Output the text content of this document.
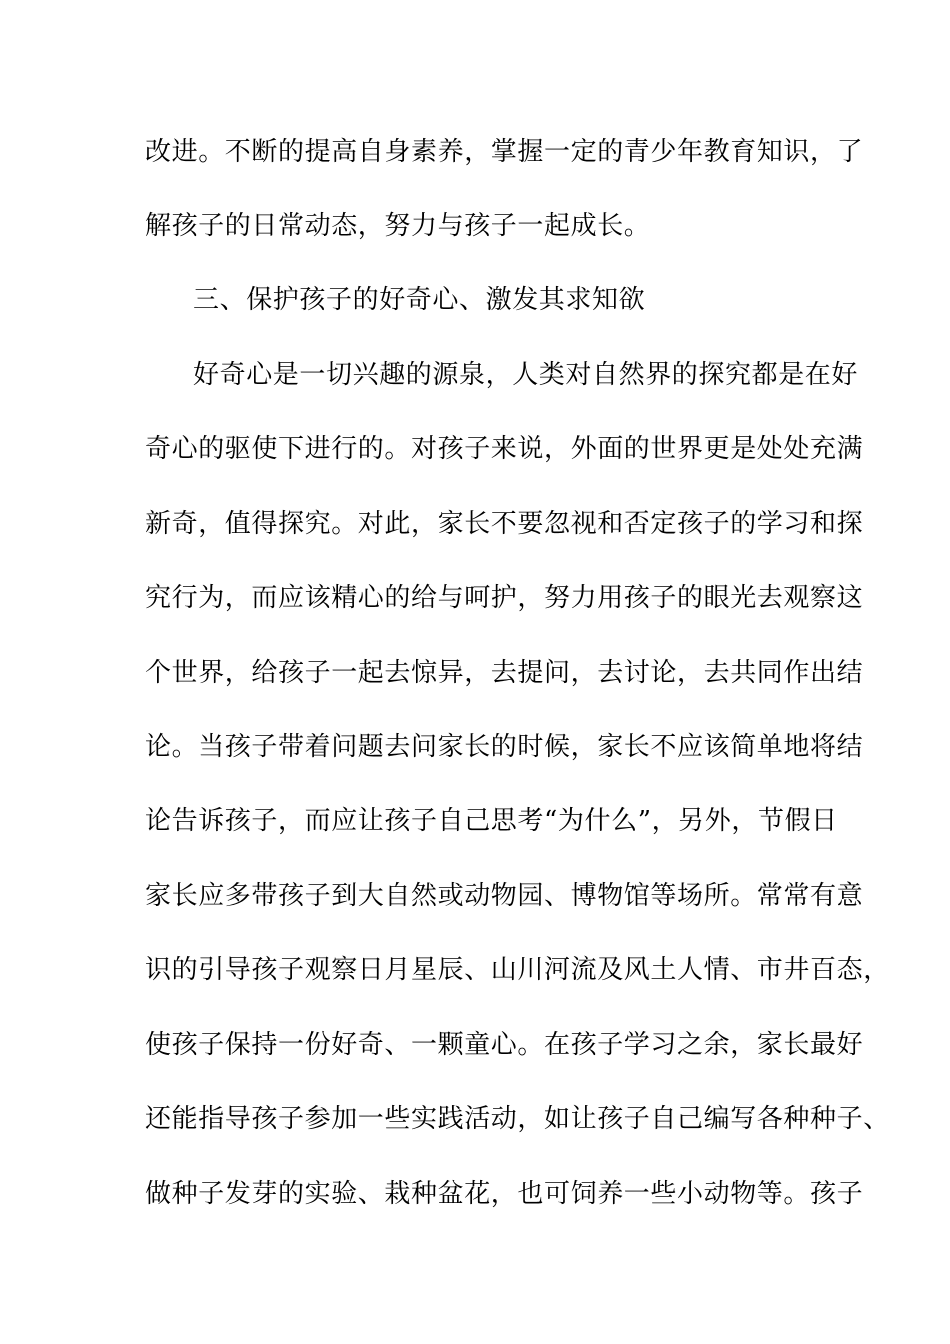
改进。不断的提高自身素养，掌握一定的青少年教育知识，了
解孩子的日常动态，努力与孩子一起成长。
三、保护孩子的好奇心、激发其求知欲
好奇心是一切兴趣的源泉，人类对自然界的探究都是在好
奇心的驱使下进行的。对孩子来说，外面的世界更是处处充满
新奇，值得探究。对此，家长不要忽视和否定孩子的学习和探
究行为，而应该精心的给与呵护，努力用孩子的眼光去观察这
个世界，给孩子一起去惊异，去提问，去讨论，去共同作出结
论。当孩子带着问题去问家长的时候，家长不应该简单地将结
论告诉孩子，而应让孩子自己思考“为什么”，另外，节假日
家长应多带孩子到大自然或动物园、博物馆等场所。常常有意
识的引导孩子观察日月星辰、山川河流及风土人情、市井百态，
使孩子保持一份好奇、一颗童心。在孩子学习之余，家长最好
还能指导孩子参加一些实践活动，如让孩子自己编写各种种子、
做种子发芽的实验、栽种盆花，也可饲养一些小动物等。孩子
